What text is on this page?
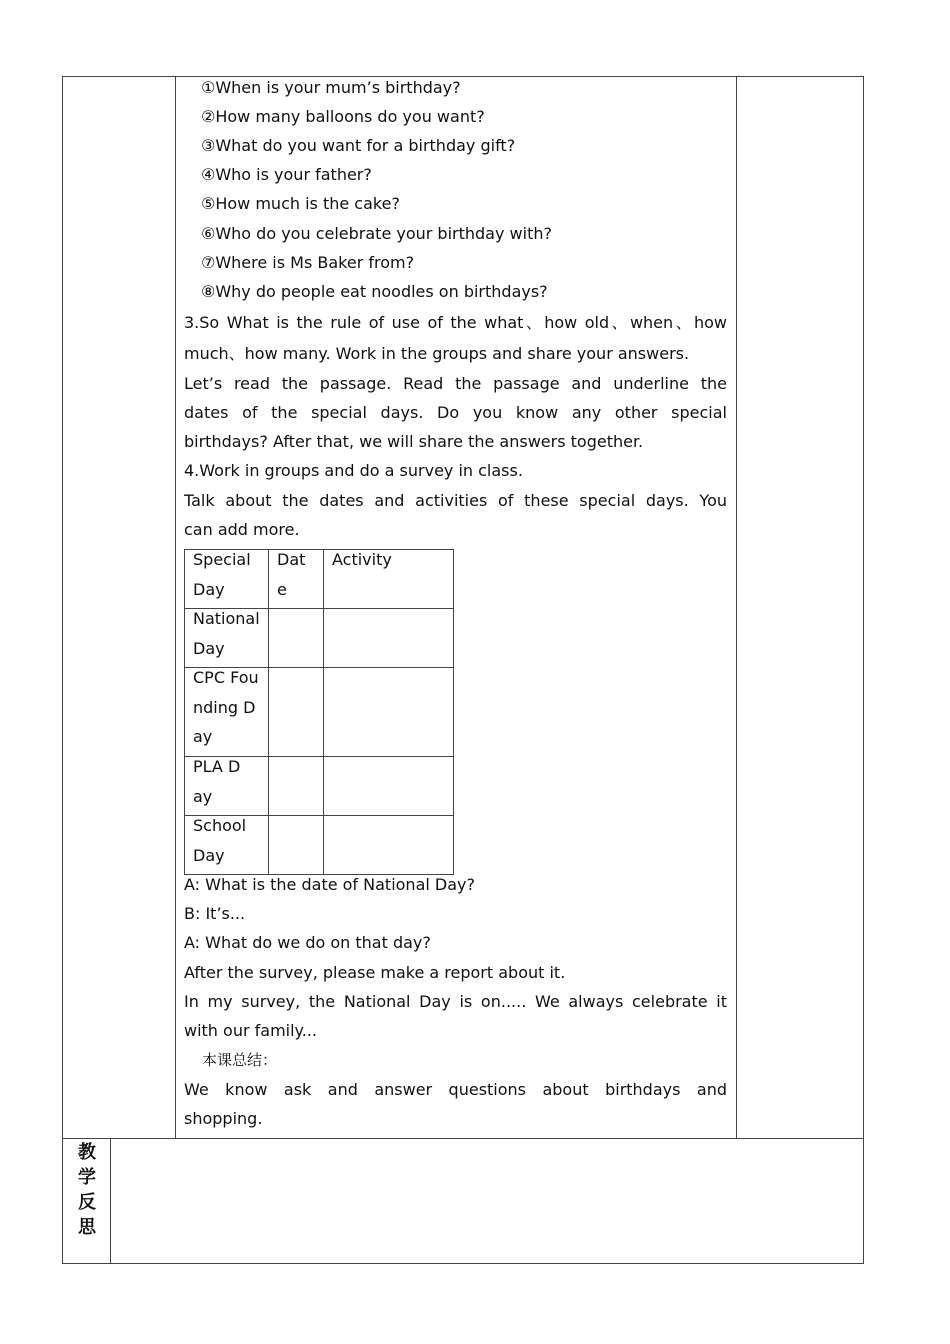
①When is your mum’s birthday?
②How many balloons do you want?
③What do you want for a birthday gift?
④Who is your father?
⑤How much is the cake?
⑥Who do you celebrate your birthday with?
⑦Where is Ms Baker from?
⑧Why do people eat noodles on birthdays?
3.So What is the rule of use of the what、how old、when、how
much、how many. Work in the groups and share your answers.
Let’s read the passage. Read the passage and underline the
dates of the special days. Do you know any other special
birthdays? After that, we will share the answers together.
4.Work in groups and do a survey in class.
Talk about the dates and activities of these special days. You
can add more.
Special Day
Date
Activity
National Day
CPC Founding Day
PLA Day
School Day
A: What is the date of National Day?
B: It’s...
A: What do we do on that day?
After the survey, please make a report about it.
In my survey, the National Day is on..... We always celebrate it
with our family...
本课总结：
We know ask and answer questions about birthdays and
shopping.
教
学
反
思
